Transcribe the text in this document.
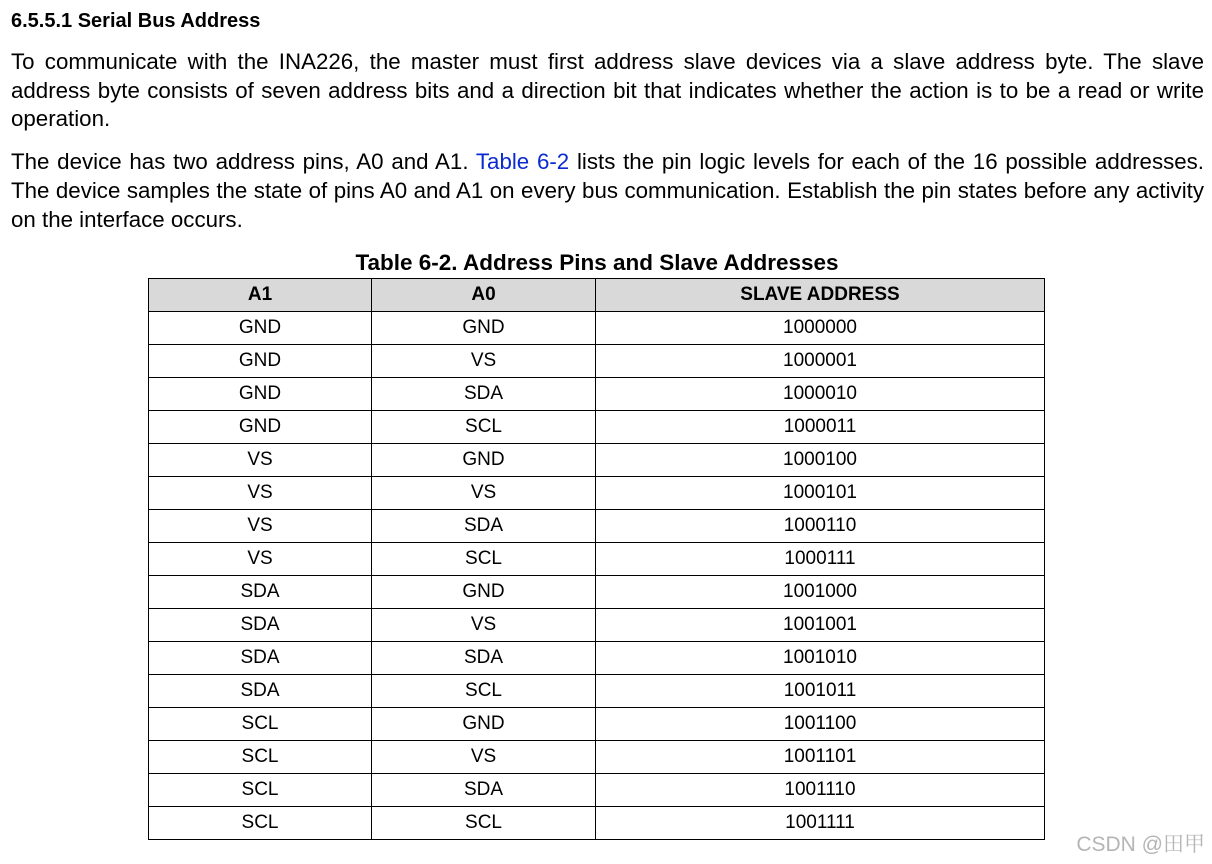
6.5.5.1 Serial Bus Address

To communicate with the INA226, the master must first address slave devices via a slave address byte. The slave address byte consists of seven address bits and a direction bit that indicates whether the action is to be a read or write operation.

The device has two address pins, A0 and A1. Table 6-2 lists the pin logic levels for each of the 16 possible addresses. The device samples the state of pins A0 and A1 on every bus communication. Establish the pin states before any activity on the interface occurs.

Table 6-2. Address Pins and Slave Addresses
A1	A0	SLAVE ADDRESS
GND	GND	1000000
GND	VS	1000001
GND	SDA	1000010
GND	SCL	1000011
VS	GND	1000100
VS	VS	1000101
VS	SDA	1000110
VS	SCL	1000111
SDA	GND	1001000
SDA	VS	1001001
SDA	SDA	1001010
SDA	SCL	1001011
SCL	GND	1001100
SCL	VS	1001101
SCL	SDA	1001110
SCL	SCL	1001111
CSDN @田甲
